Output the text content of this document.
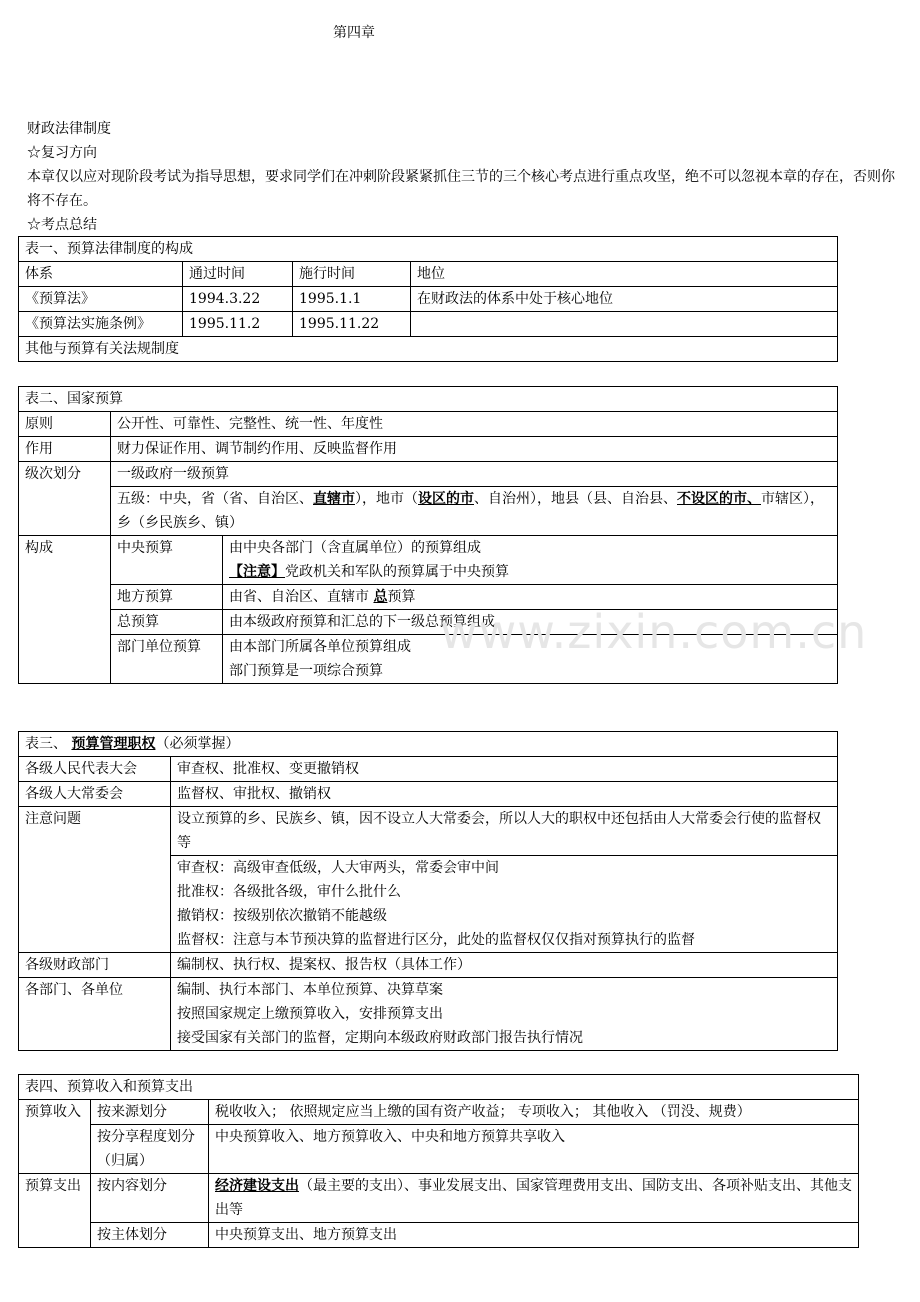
第四章

财政法律制度

☆复习方向

本章仅以应对现阶段考试为指导思想，要求同学们在冲刺阶段紧紧抓住三节的三个核心考点进行重点攻坚，绝不可以忽视本章的存在，否则你将不存在。

☆考点总结

表一、预算法律制度的构成			
体系	通过时间	施行时间	地位
《预算法》	1994.3.22	1995.1.1	在财政法的体系中处于核心地位
《预算法实施条例》	1995.11.2	1995.11.22	
其他与预算有关法规制度			
表二、国家预算		
原则	公开性、可靠性、完整性、统一性、年度性	
作用	财力保证作用、调节制约作用、反映监督作用	
级次划分	一级政府一级预算	
	五级：中央，省（省、自治区、直辖市），地市（设区的市、自治州），地县（县、自治县、不设区的市、市辖区），乡（乡民族乡、镇）	
构成	中央预算	由中央各部门（含直属单位）的预算组成
【注意】党政机关和军队的预算属于中央预算

	地方预算	由省、自治区、直辖市 总预算
	总预算	由本级政府预算和汇总的下一级总预算组成
	部门单位预算	由本部门所属各单位预算组成
部门预算是一项综合预算
表三、 预算管理职权（必须掌握）	
各级人民代表大会	审查权、批准权、变更撤销权
各级人大常委会	监督权、审批权、撤销权
注意问题	设立预算的乡、民族乡、镇，因不设立人大常委会，所以人大的职权中还包括由人大常委会行使的监督权等

	审查权：高级审查低级，人大审两头，常委会审中间
批准权：各级批各级，审什么批什么
撤销权：按级别依次撤销不能越级
监督权：注意与本节预决算的监督进行区分，此处的监督权仅仅指对预算执行的监督

各级财政部门	编制权、执行权、提案权、报告权（具体工作）
各部门、各单位	编制、执行本部门、本单位预算、决算草案
按照国家规定上缴预算收入，安排预算支出
接受国家有关部门的监督，定期向本级政府财政部门报告执行情况
表四、预算收入和预算支出		
预算收入	按来源划分	税收收入； 依照规定应当上缴的国有资产收益； 专项收入； 其他收入 （罚没、规费）
	按分享程度划分（归属）	中央预算收入、地方预算收入、中央和地方预算共享收入
预算支出	按内容划分	经济建设支出（最主要的支出）、事业发展支出、国家管理费用支出、国防支出、各项补贴支出、其他支出等
	按主体划分	中央预算支出、地方预算支出
www.zixin.com.cn
